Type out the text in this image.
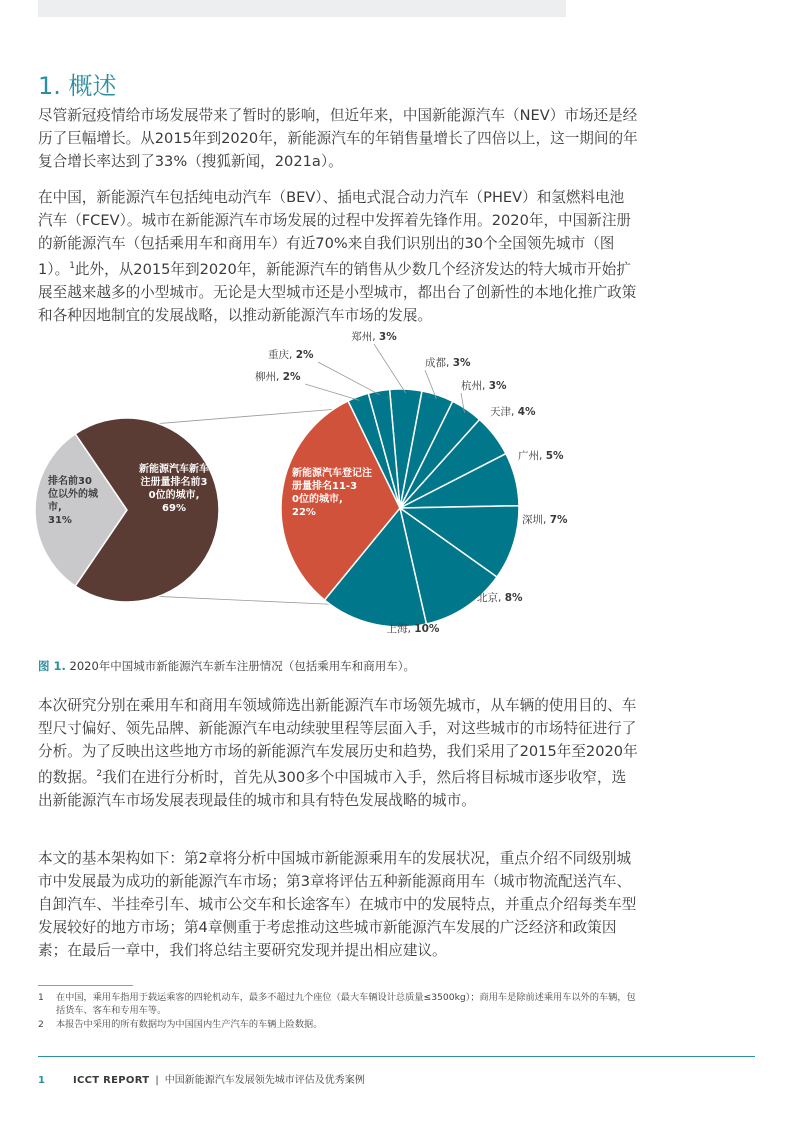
1. 概述

尽管新冠疫情给市场发展带来了暂时的影响，但近年来，中国新能源汽车（NEV）市场还是经历了巨幅增长。从2015年到2020年，新能源汽车的年销售量增长了四倍以上，这一期间的年复合增长率达到了33%（搜狐新闻，2021a）。

在中国，新能源汽车包括纯电动汽车（BEV）、插电式混合动力汽车（PHEV）和氢燃料电池汽车（FCEV）。城市在新能源汽车市场发展的过程中发挥着先锋作用。2020年，中国新注册的新能源汽车（包括乘用车和商用车）有近70%来自我们识别出的30个全国领先城市（图1）。$^1$此外，从2015年到2020年，新能源汽车的销售从少数几个经济发达的特大城市开始扩展至越来越多的小型城市。无论是大型城市还是小型城市，都出台了创新性的本地化推广政策和各种因地制宜的发展战略，以推动新能源汽车市场的发展。

排名前30 位以外的城市, 31%
新能源汽车新车注册量排名前3 0位的城市, 69%
郑州, 3%
成都, 3%
杭州, 3%
天津, 4%
广州, 5%
深圳, 7%
北京, 8%
上海, 10%
新能源汽车登记注册量排名11-3 0位的城市, 22%
柳州, 2%
重庆, 2%

图 1. 2020年中国城市新能源汽车新车注册情况（包括乘用车和商用车）。

本次研究分别在乘用车和商用车领域筛选出新能源汽车市场领先城市，从车辆的使用目的、车型尺寸偏好、领先品牌、新能源汽车电动续驶里程等层面入手，对这些城市的市场特征进行了分析。为了反映出这些地方市场的新能源汽车发展历史和趋势，我们采用了2015年至2020年的数据。$^2$我们在进行分析时，首先从300多个中国城市入手，然后将目标城市逐步收窄，选出新能源汽车市场发展表现最佳的城市和具有特色发展战略的城市。

本文的基本架构如下：第2章将分析中国城市新能源乘用车的发展状况，重点介绍不同级别城市中发展最为成功的新能源汽车市场；第3章将评估五种新能源商用车（城市物流配送汽车、自卸汽车、半挂牵引车、城市公交车和长途客车）在城市中的发展特点，并重点介绍每类车型发展较好的地方市场；第4章侧重于考虑推动这些城市新能源汽车发展的广泛经济和政策因素；在最后一章中，我们将总结主要研究发现并提出相应建议。

1 在中国，乘用车指用于载运乘客的四轮机动车，最多不超过九个座位（最大车辆设计总质量≤3500kg）；商用车是除前述乘用车以外的车辆，包括货车、客车和专用车等。
2 本报告中采用的所有数据均为中国国内生产汽车的车辆上险数据。
1	ICCT REPORT | 中国新能源汽车发展领先城市评估及优秀案例
